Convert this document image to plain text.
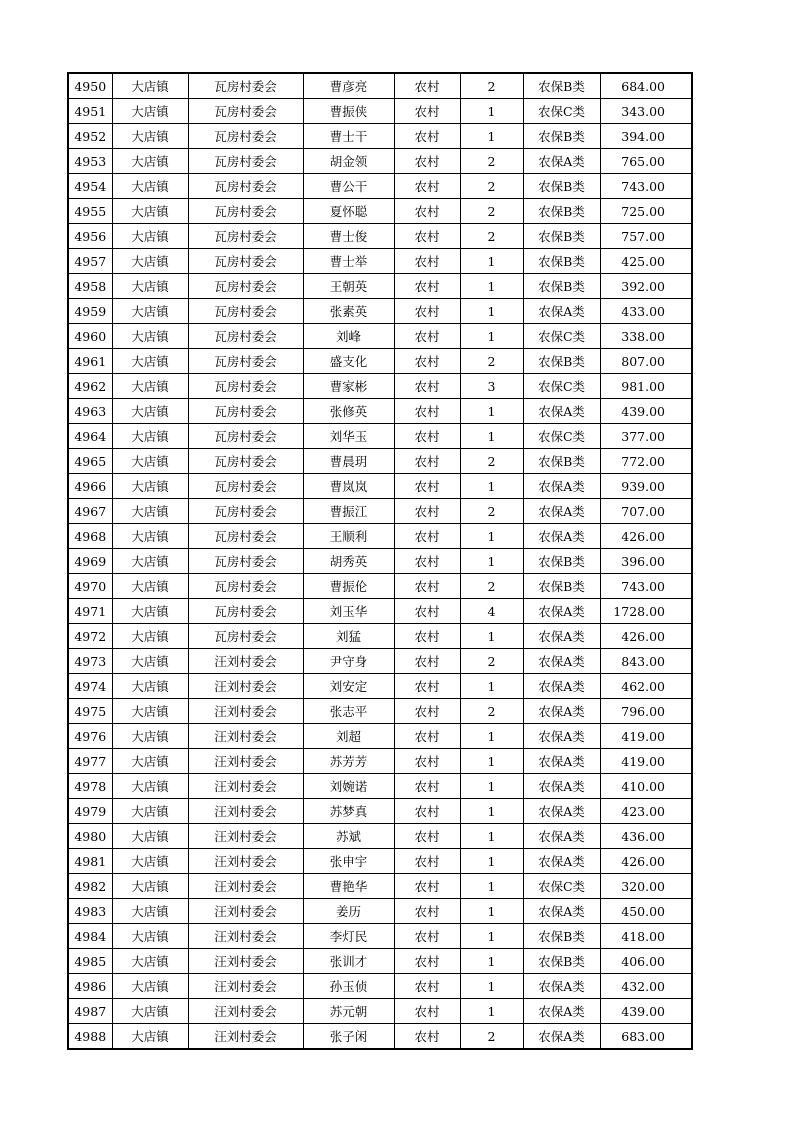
4950	大店镇	瓦房村委会	曹彦亮	农村	2	农保B类	684.00
4951	大店镇	瓦房村委会	曹振侠	农村	1	农保C类	343.00
4952	大店镇	瓦房村委会	曹士干	农村	1	农保B类	394.00
4953	大店镇	瓦房村委会	胡金领	农村	2	农保A类	765.00
4954	大店镇	瓦房村委会	曹公干	农村	2	农保B类	743.00
4955	大店镇	瓦房村委会	夏怀聪	农村	2	农保B类	725.00
4956	大店镇	瓦房村委会	曹士俊	农村	2	农保B类	757.00
4957	大店镇	瓦房村委会	曹士举	农村	1	农保B类	425.00
4958	大店镇	瓦房村委会	王朝英	农村	1	农保B类	392.00
4959	大店镇	瓦房村委会	张素英	农村	1	农保A类	433.00
4960	大店镇	瓦房村委会	刘峰	农村	1	农保C类	338.00
4961	大店镇	瓦房村委会	盛支化	农村	2	农保B类	807.00
4962	大店镇	瓦房村委会	曹家彬	农村	3	农保C类	981.00
4963	大店镇	瓦房村委会	张修英	农村	1	农保A类	439.00
4964	大店镇	瓦房村委会	刘华玉	农村	1	农保C类	377.00
4965	大店镇	瓦房村委会	曹晨玥	农村	2	农保B类	772.00
4966	大店镇	瓦房村委会	曹岚岚	农村	1	农保A类	939.00
4967	大店镇	瓦房村委会	曹振江	农村	2	农保A类	707.00
4968	大店镇	瓦房村委会	王顺利	农村	1	农保A类	426.00
4969	大店镇	瓦房村委会	胡秀英	农村	1	农保B类	396.00
4970	大店镇	瓦房村委会	曹振伦	农村	2	农保B类	743.00
4971	大店镇	瓦房村委会	刘玉华	农村	4	农保A类	1728.00
4972	大店镇	瓦房村委会	刘猛	农村	1	农保A类	426.00
4973	大店镇	汪刘村委会	尹守身	农村	2	农保A类	843.00
4974	大店镇	汪刘村委会	刘安定	农村	1	农保A类	462.00
4975	大店镇	汪刘村委会	张志平	农村	2	农保A类	796.00
4976	大店镇	汪刘村委会	刘超	农村	1	农保A类	419.00
4977	大店镇	汪刘村委会	苏芳芳	农村	1	农保A类	419.00
4978	大店镇	汪刘村委会	刘婉诺	农村	1	农保A类	410.00
4979	大店镇	汪刘村委会	苏梦真	农村	1	农保A类	423.00
4980	大店镇	汪刘村委会	苏斌	农村	1	农保A类	436.00
4981	大店镇	汪刘村委会	张申宇	农村	1	农保A类	426.00
4982	大店镇	汪刘村委会	曹艳华	农村	1	农保C类	320.00
4983	大店镇	汪刘村委会	姜历	农村	1	农保A类	450.00
4984	大店镇	汪刘村委会	李灯民	农村	1	农保B类	418.00
4985	大店镇	汪刘村委会	张训才	农村	1	农保B类	406.00
4986	大店镇	汪刘村委会	孙玉侦	农村	1	农保A类	432.00
4987	大店镇	汪刘村委会	苏元朝	农村	1	农保A类	439.00
4988	大店镇	汪刘村委会	张子闲	农村	2	农保A类	683.00
